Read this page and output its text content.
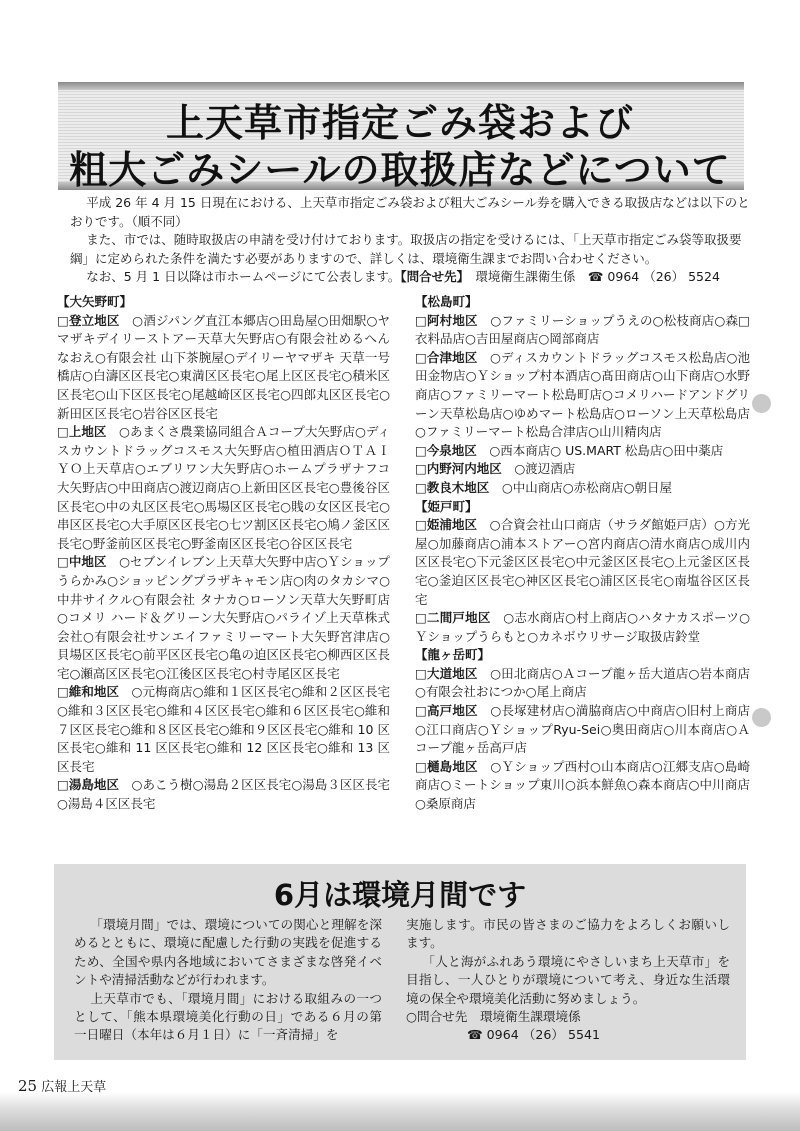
上天草市指定ごみ袋および
粗大ごみシールの取扱店などについて

平成 26 年 4 月 15 日現在における、上天草市指定ごみ袋および粗大ごみシール券を購入できる取扱店などは以下のとおりです。（順不同）

また、市では、随時取扱店の申請を受け付けております。取扱店の指定を受けるには、「上天草市指定ごみ袋等取扱要綱」に定められた条件を満たす必要がありますので、詳しくは、環境衛生課までお問い合わせください。

なお、5 月 1 日以降は市ホームページにて公表します。【問合せ先】　 環境衛生課衛生係　 ☎ 0964 （26） 5524

【大矢野町】

□登立地区　○酒ジパング直江本郷店○田島屋○田畑駅○ヤマザキデイリーストアー天草大矢野店○有限会社めるへんなおえ○有限会社 山下茶腕屋○デイリーヤマザキ 天草一号橋店○白濤区区長宅○東満区区長宅○尾上区区長宅○積米区区長宅○山下区区長宅○尾越崎区区長宅○四郎丸区区長宅○新田区区長宅○岩谷区区長宅

□上地区　○あまくさ農業協同組合Ａコープ大矢野店○ディスカウントドラッグコスモス大矢野店○植田酒店ＯＴＡＩＹＯ上天草店○エブリワン大矢野店○ホームプラザナフコ大矢野店○中田商店○渡辺商店○上新田区区長宅○豊後谷区区長宅○中の丸区区長宅○馬場区区長宅○賎の女区区長宅○串区区長宅○大手原区区長宅○七ツ割区区長宅○鳩ノ釜区区長宅○野釜前区区長宅○野釜南区区長宅○谷区区長宅

□中地区　○セブンイレブン上天草大矢野中店○Ｙショップうらかみ○ショッピングプラザキャモン店○肉のタカシマ○中井サイクル○有限会社 タナカ○ローソン天草大矢野町店○コメリ ハード＆グリーン大矢野店○パライゾ上天草株式会社○有限会社サンエイファミリーマート大矢野宮津店○貝場区区長宅○前平区区長宅○亀の迫区区長宅○柳西区区長宅○瀬高区区長宅○江後区区長宅○村寺尾区区長宅

□維和地区　○元梅商店○維和１区区長宅○維和２区区長宅○維和３区区長宅○維和４区区長宅○維和６区区長宅○維和７区区長宅○維和８区区長宅○維和９区区長宅○維和 10 区区長宅○維和 11 区区長宅○維和 12 区区長宅○維和 13 区区長宅

□湯島地区　○あこう樹○湯島２区区長宅○湯島３区区長宅○湯島４区区長宅

【松島町】

□阿村地区　○ファミリーショップうえの○松枝商店○森□衣料品店○吉田屋商店○岡部商店

□合津地区　○ディスカウントドラッグコスモス松島店○池田金物店○Ｙショップ村本酒店○髙田商店○山下商店○水野商店○ファミリーマート松島町店○コメリハードアンドグリーン天草松島店○ゆめマート松島店○ローソン上天草松島店○ファミリーマート松島合津店○山川精肉店

□今泉地区　○西本商店○ US.MART 松島店○田中薬店

□内野河内地区　○渡辺酒店

□教良木地区　○中山商店○赤松商店○朝日屋

【姫戸町】

□姫浦地区　○合資会社山口商店（サラダ館姫戸店）○方光屋○加藤商店○浦本ストアー○宮内商店○清水商店○成川内区区長宅○下元釜区区長宅○中元釜区区長宅○上元釜区区長宅○釜迫区区長宅○神区区長宅○浦区区長宅○南塩谷区区長宅

□二間戸地区　○志水商店○村上商店○ハタナカスポーツ○Ｙショップうらもと○カネボウリサージ取扱店鈴堂

【龍ヶ岳町】

□大道地区　○田北商店○Ａコープ龍ヶ岳大道店○岩本商店○有限会社おにつか○尾上商店

□高戸地区　○長塚建材店○満脇商店○中商店○旧村上商店○江口商店○ＹショップRyu-Sei○奥田商店○川本商店○Ａコープ龍ヶ岳高戸店

□樋島地区　○Ｙショップ西村○山本商店○江郷支店○島崎商店○ミートショップ東川○浜本鮮魚○森本商店○中川商店○桑原商店

6月は環境月間です

「環境月間」では、環境についての関心と理解を深めるとともに、環境に配慮した行動の実践を促進するため、全国や県内各地域においてさまざまな啓発イベントや清掃活動などが行われます。

上天草市でも、「環境月間」における取組みの一つとして、「熊本県環境美化行動の日」である６月の第一日曜日（本年は６月１日）に「一斉清掃」を

実施します。市民の皆さまのご協力をよろしくお願いします。

「人と海がふれあう環境にやさしいまち上天草市」を目指し、一人ひとりが環境について考え、身近な生活環境の保全や環境美化活動に努めましょう。

○問合せ先　環境衛生課環境係

☎ 0964 （26） 5541

25 広報上天草
